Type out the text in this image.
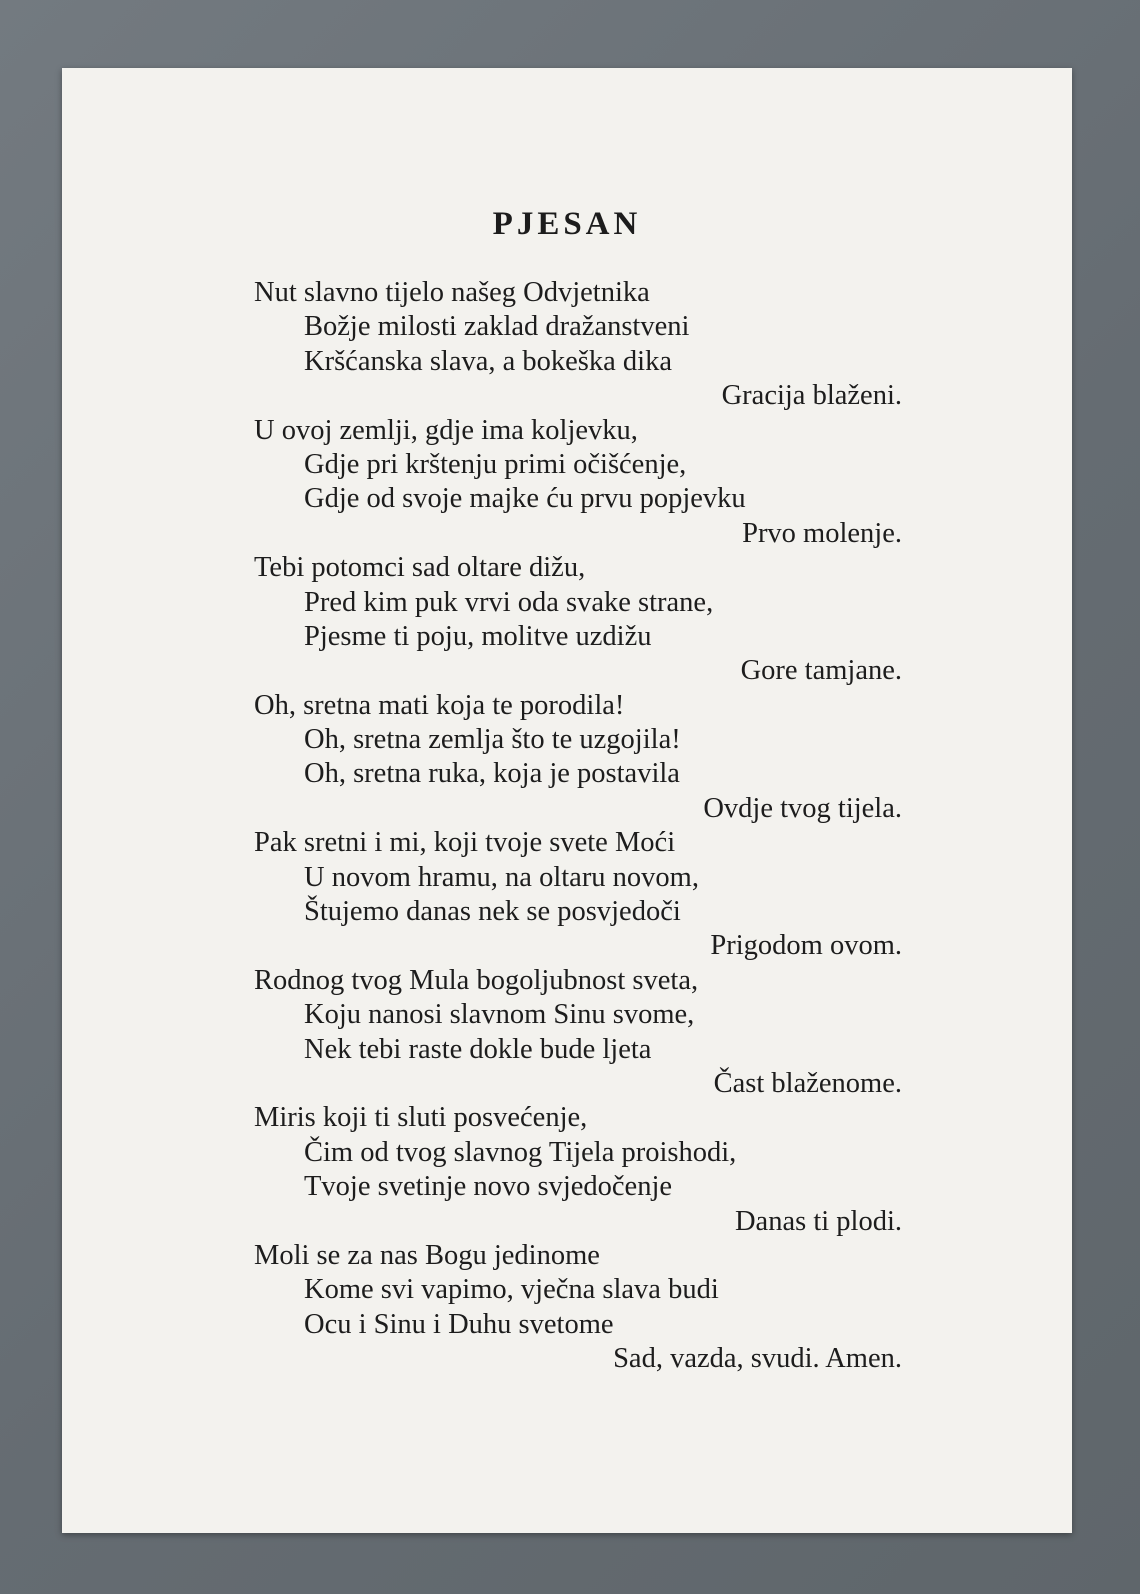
PJESAN
Nut slavno tijelo našeg Odvjetnika
Božje milosti zaklad dražanstveni
Kršćanska slava, a bokeška dika
Gracija blaženi.
U ovoj zemlji, gdje ima koljevku,
Gdje pri krštenju primi očišćenje,
Gdje od svoje majke ću prvu popjevku
Prvo molenje.
Tebi potomci sad oltare dižu,
Pred kim puk vrvi oda svake strane,
Pjesme ti poju, molitve uzdižu
Gore tamjane.
Oh, sretna mati koja te porodila!
Oh, sretna zemlja što te uzgojila!
Oh, sretna ruka, koja je postavila
Ovdje tvog tijela.
Pak sretni i mi, koji tvoje svete Moći
U novom hramu, na oltaru novom,
Štujemo danas nek se posvjedoči
Prigodom ovom.
Rodnog tvog Mula bogoljubnost sveta,
Koju nanosi slavnom Sinu svome,
Nek tebi raste dokle bude ljeta
Čast blaženome.
Miris koji ti sluti posvećenje,
Čim od tvog slavnog Tijela proishodi,
Tvoje svetinje novo svjedočenje
Danas ti plodi.
Moli se za nas Bogu jedinome
Kome svi vapimo, vječna slava budi
Ocu i Sinu i Duhu svetome
Sad, vazda, svudi. Amen.
